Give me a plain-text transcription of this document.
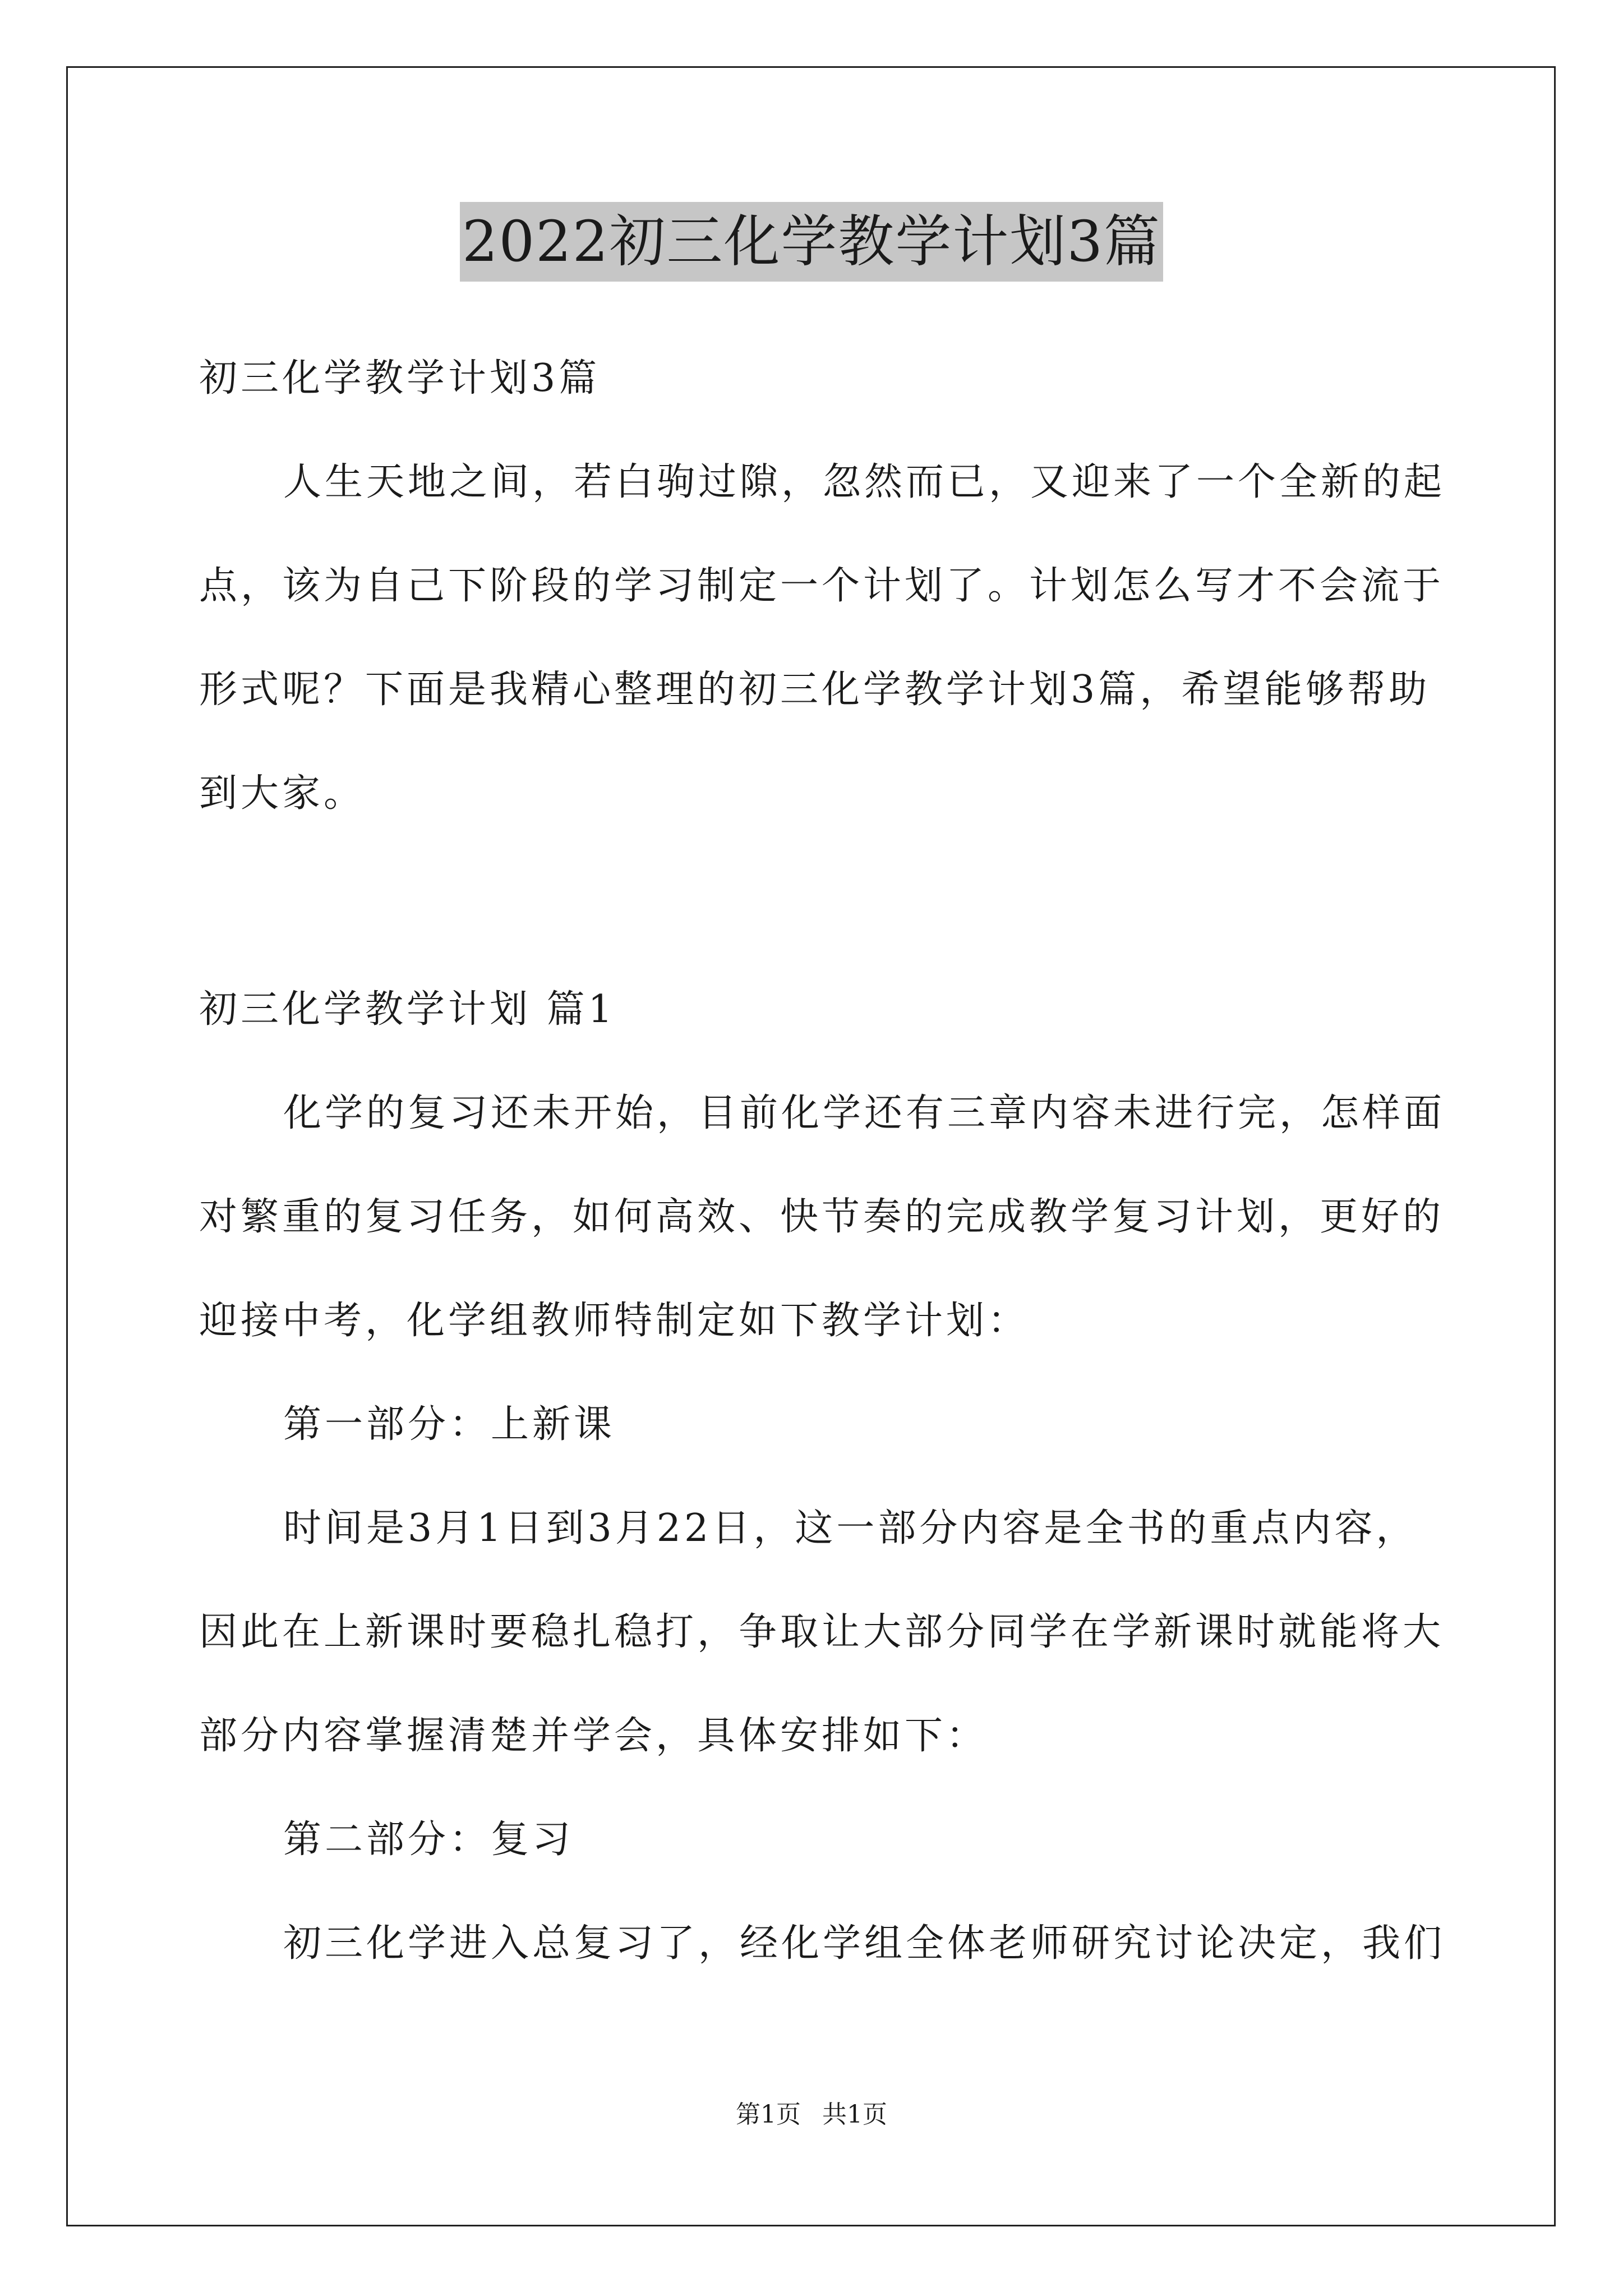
2022初三化学教学计划3篇
初三化学教学计划3篇
人生天地之间，若白驹过隙，忽然而已，又迎来了一个全新的起
点，该为自己下阶段的学习制定一个计划了。计划怎么写才不会流于
形式呢？下面是我精心整理的初三化学教学计划3篇，希望能够帮助
到大家。
初三化学教学计划 篇1
化学的复习还未开始，目前化学还有三章内容未进行完，怎样面
对繁重的复习任务，如何高效、快节奏的完成教学复习计划，更好的
迎接中考，化学组教师特制定如下教学计划：
第一部分：上新课
时间是3月1日到3月22日，这一部分内容是全书的重点内容，
因此在上新课时要稳扎稳打，争取让大部分同学在学新课时就能将大
部分内容掌握清楚并学会，具体安排如下：
第二部分：复习
初三化学进入总复习了，经化学组全体老师研究讨论决定，我们
第1页 共1页
